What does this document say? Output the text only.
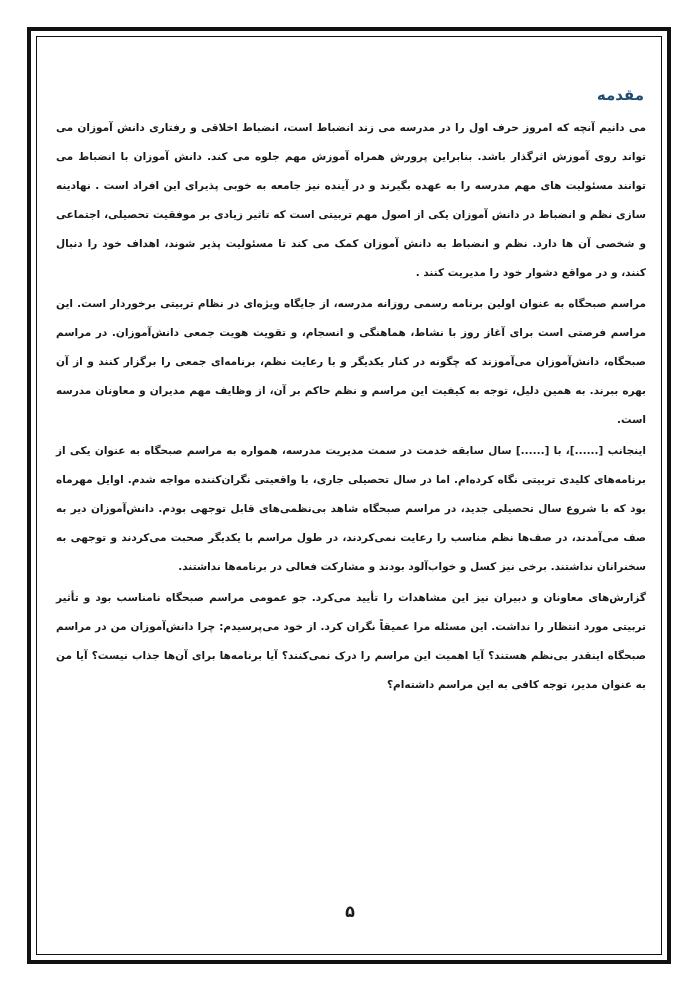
مقدمه

می دانیم آنچه که امروز حرف اول را در مدرسه می زند انضباط است، انضباط اخلاقی و رفتاری دانش آموزان می تواند روی آموزش اثرگذار باشد. بنابراین پرورش همراه آموزش مهم جلوه می کند. دانش آموزان با انضباط می توانند مسئولیت های مهم مدرسه را به عهده بگیرند و در آینده نیز جامعه به خوبی پذیرای این افراد است . نهادینه سازی نظم و انضباط در دانش آموزان یکی از اصول مهم تربیتی است که تاثیر زیادی بر موفقیت تحصیلی، اجتماعی و شخصی آن ها دارد. نظم و انضباط به دانش آموزان کمک می کند تا مسئولیت پذیر شوند، اهداف خود را دنبال کنند، و در مواقع دشوار خود را مدیریت کنند .

مراسم صبحگاه به عنوان اولین برنامه رسمی روزانه مدرسه، از جایگاه ویژه‌ای در نظام تربیتی برخوردار است. این مراسم فرصتی است برای آغاز روز با نشاط، هماهنگی و انسجام، و تقویت هویت جمعی دانش‌آموزان. در مراسم صبحگاه، دانش‌آموزان می‌آموزند که چگونه در کنار یکدیگر و با رعایت نظم، برنامه‌ای جمعی را برگزار کنند و از آن بهره ببرند. به همین دلیل، توجه به کیفیت این مراسم و نظم حاکم بر آن، از وظایف مهم مدیران و معاونان مدرسه است.

اینجانب [......]، با [......] سال سابقه خدمت در سمت مدیریت مدرسه، همواره به مراسم صبحگاه به عنوان یکی از برنامه‌های کلیدی تربیتی نگاه کرده‌ام. اما در سال تحصیلی جاری، با واقعیتی نگران‌کننده مواجه شدم. اوایل مهرماه بود که با شروع سال تحصیلی جدید، در مراسم صبحگاه شاهد بی‌نظمی‌های قابل توجهی بودم. دانش‌آموزان دیر به صف می‌آمدند، در صف‌ها نظم مناسب را رعایت نمی‌کردند، در طول مراسم با یکدیگر صحبت می‌کردند و توجهی به سخنرانان نداشتند. برخی نیز کسل و خواب‌آلود بودند و مشارکت فعالی در برنامه‌ها نداشتند.

گزارش‌های معاونان و دبیران نیز این مشاهدات را تأیید می‌کرد. جو عمومی مراسم صبحگاه نامناسب بود و تأثیر تربیتی مورد انتظار را نداشت. این مسئله مرا عمیقاً نگران کرد. از خود می‌پرسیدم: چرا دانش‌آموزان من در مراسم صبحگاه اینقدر بی‌نظم هستند؟ آیا اهمیت این مراسم را درک نمی‌کنند؟ آیا برنامه‌ها برای آن‌ها جذاب نیست؟ آیا من به عنوان مدیر، توجه کافی به این مراسم داشته‌ام؟

۵
